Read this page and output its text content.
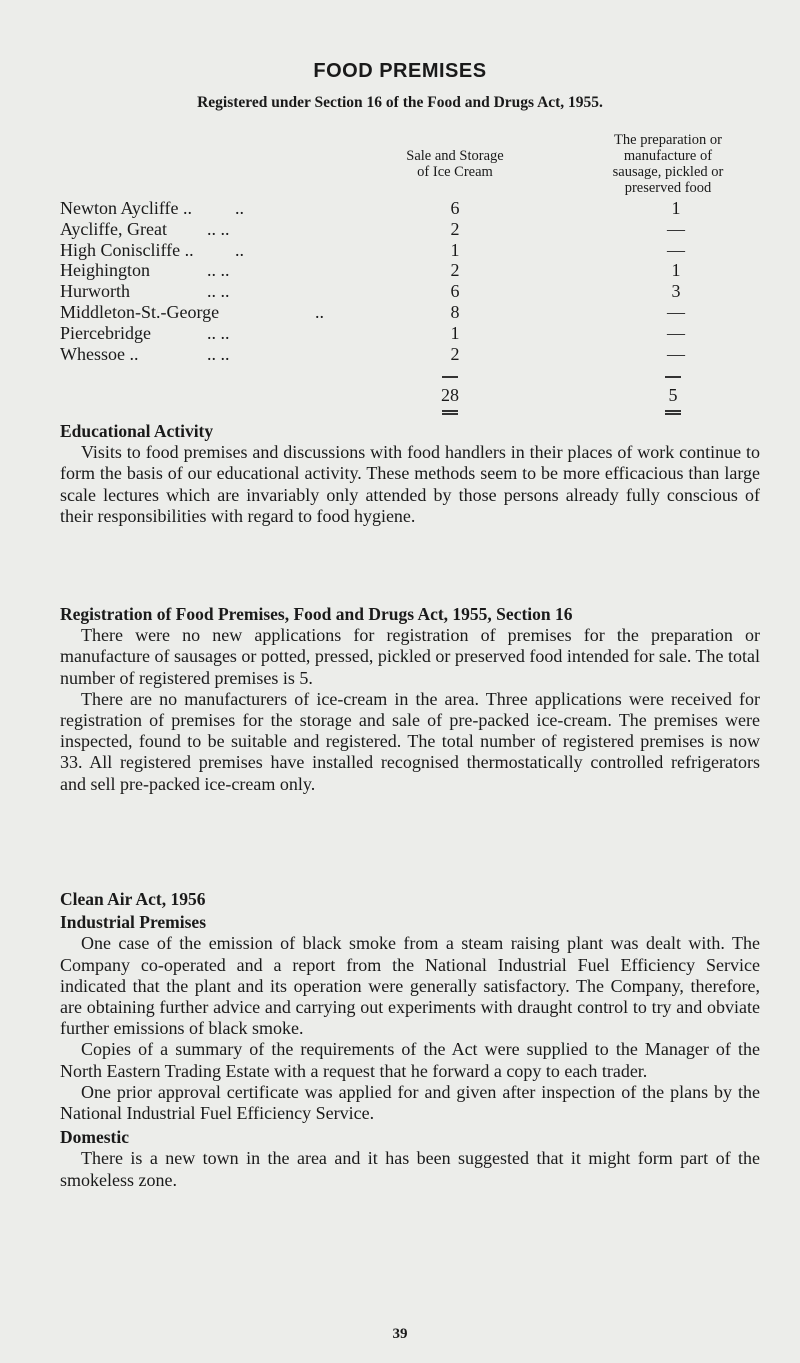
FOOD PREMISES
Registered under Section 16 of the Food and Drugs Act, 1955.
Sale and Storage
of Ice Cream
The preparation or
manufacture of
sausage, pickled or
preserved food
Newton Aycliffe .. ..	6	1
Aycliffe, Great .. ..	2	—
High Coniscliffe .. ..	1	—
Heighington	.. ..	2	1
Hurworth	.. ..	6	3
Middleton-St.-George	..	8	—
Piercebridge	.. ..	1	—
Whessoe ..	.. ..	2	—
28	5
Educational Activity

Visits to food premises and discussions with food handlers in their places of work continue to form the basis of our educational activity. These methods seem to be more efficacious than large scale lectures which are invariably only attended by those persons already fully conscious of their responsibilities with regard to food hygiene.

Registration of Food Premises, Food and Drugs Act, 1955, Section 16

There were no new applications for registration of premises for the preparation or manufacture of sausages or potted, pressed, pickled or preserved food intended for sale. The total number of registered premises is 5.

There are no manufacturers of ice-cream in the area. Three applications were received for registration of premises for the storage and sale of pre-packed ice-cream. The premises were inspected, found to be suitable and registered. The total number of registered premises is now 33. All registered premises have installed recognised thermostatically controlled refrigerators and sell pre-packed ice-cream only.

Clean Air Act, 1956
Industrial Premises

One case of the emission of black smoke from a steam raising plant was dealt with. The Company co-operated and a report from the National Industrial Fuel Efficiency Service indicated that the plant and its operation were generally satisfactory. The Company, therefore, are obtaining further advice and carrying out experiments with draught control to try and obviate further emissions of black smoke.

Copies of a summary of the requirements of the Act were supplied to the Manager of the North Eastern Trading Estate with a request that he forward a copy to each trader.

One prior approval certificate was applied for and given after inspection of the plans by the National Industrial Fuel Efficiency Service.

Domestic

There is a new town in the area and it has been suggested that it might form part of the smokeless zone.

39
